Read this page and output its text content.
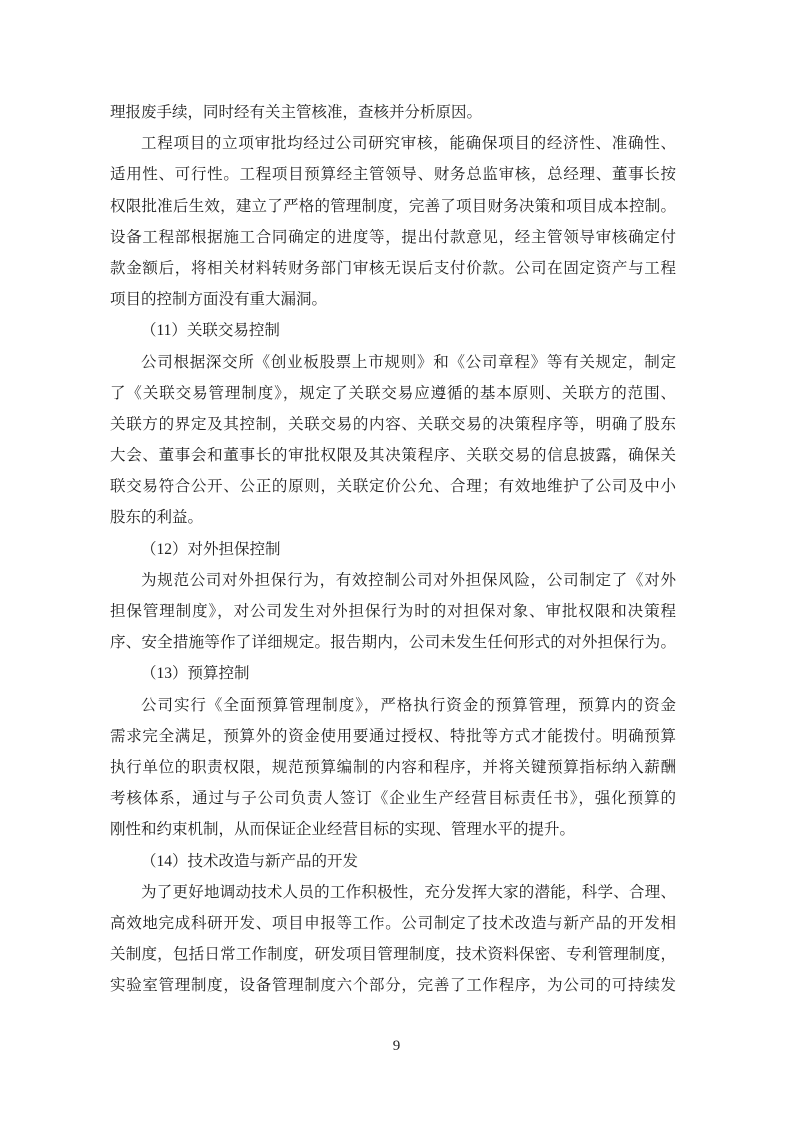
理报废手续，同时经有关主管核准，查核并分析原因。
工程项目的立项审批均经过公司研究审核，能确保项目的经济性、准确性、
适用性、可行性。工程项目预算经主管领导、财务总监审核，总经理、董事长按
权限批准后生效，建立了严格的管理制度，完善了项目财务决策和项目成本控制。
设备工程部根据施工合同确定的进度等，提出付款意见，经主管领导审核确定付
款金额后，将相关材料转财务部门审核无误后支付价款。公司在固定资产与工程
项目的控制方面没有重大漏洞。
（11）关联交易控制
公司根据深交所《创业板股票上市规则》和《公司章程》等有关规定，制定
了《关联交易管理制度》，规定了关联交易应遵循的基本原则、关联方的范围、
关联方的界定及其控制，关联交易的内容、关联交易的决策程序等，明确了股东
大会、董事会和董事长的审批权限及其决策程序、关联交易的信息披露，确保关
联交易符合公开、公正的原则，关联定价公允、合理；有效地维护了公司及中小
股东的利益。
（12）对外担保控制
为规范公司对外担保行为，有效控制公司对外担保风险，公司制定了《对外
担保管理制度》，对公司发生对外担保行为时的对担保对象、审批权限和决策程
序、安全措施等作了详细规定。报告期内，公司未发生任何形式的对外担保行为。
（13）预算控制
公司实行《全面预算管理制度》，严格执行资金的预算管理，预算内的资金
需求完全满足，预算外的资金使用要通过授权、特批等方式才能拨付。明确预算
执行单位的职责权限，规范预算编制的内容和程序，并将关键预算指标纳入薪酬
考核体系，通过与子公司负责人签订《企业生产经营目标责任书》，强化预算的
刚性和约束机制，从而保证企业经营目标的实现、管理水平的提升。
（14）技术改造与新产品的开发
为了更好地调动技术人员的工作积极性，充分发挥大家的潜能，科学、合理、
高效地完成科研开发、项目申报等工作。公司制定了技术改造与新产品的开发相
关制度，包括日常工作制度，研发项目管理制度，技术资料保密、专利管理制度，
实验室管理制度，设备管理制度六个部分，完善了工作程序，为公司的可持续发
9
